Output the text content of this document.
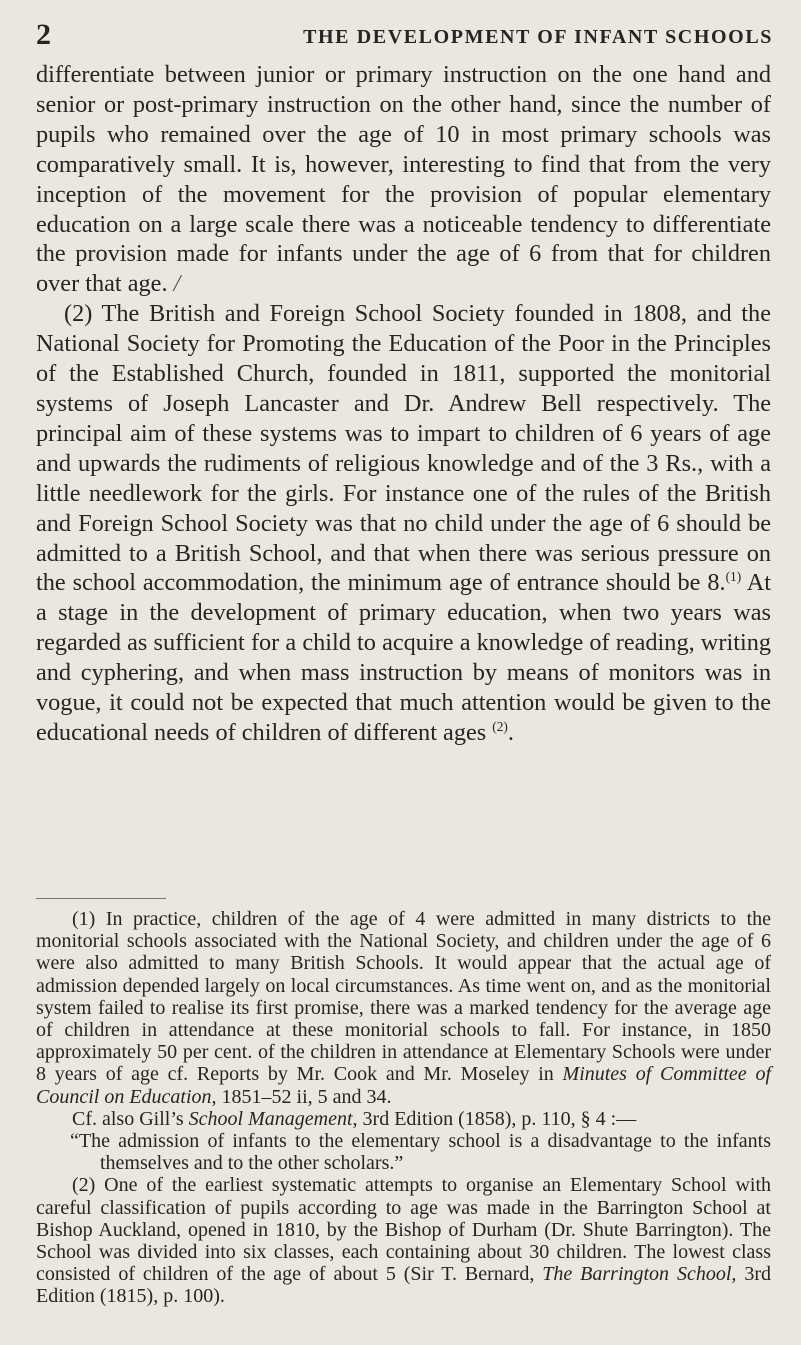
2	THE DEVELOPMENT OF INFANT SCHOOLS

differentiate between junior or primary instruction on the one hand and senior or post-primary instruction on the other hand, since the number of pupils who remained over the age of 10 in most primary schools was comparatively small. It is, however, interesting to find that from the very inception of the movement for the provision of popular elementary education on a large scale there was a noticeable tendency to differentiate the provision made for infants under the age of 6 from that for children over that age. /

(2) The British and Foreign School Society founded in 1808, and the National Society for Promoting the Education of the Poor in the Principles of the Established Church, founded in 1811, supported the monitorial systems of Joseph Lancaster and Dr. Andrew Bell respectively. The principal aim of these systems was to impart to children of 6 years of age and upwards the rudiments of religious knowledge and of the 3 Rs., with a little needlework for the girls. For instance one of the rules of the British and Foreign School Society was that no child under the age of 6 should be admitted to a British School, and that when there was serious pressure on the school accommodation, the minimum age of entrance should be 8.$^{(1)}$ At a stage in the development of primary education, when two years was regarded as sufficient for a child to acquire a knowledge of reading, writing and cyphering, and when mass instruction by means of monitors was in vogue, it could not be expected that much attention would be given to the educational needs of children of different ages $^{(2)}$.

(1) In practice, children of the age of 4 were admitted in many districts to the monitorial schools associated with the National Society, and children under the age of 6 were also admitted to many British Schools. It would appear that the actual age of admission depended largely on local circumstances. As time went on, and as the monitorial system failed to realise its first promise, there was a marked tendency for the average age of children in attendance at these monitorial schools to fall. For instance, in 1850 approximately 50 per cent. of the children in attendance at Elementary Schools were under 8 years of age cf. Reports by Mr. Cook and Mr. Moseley in Minutes of Committee of Council on Education, 1851–52 ii, 5 and 34.

Cf. also Gill’s School Management, 3rd Edition (1858), p. 110, § 4 :—

“The admission of infants to the elementary school is a disadvantage to the infants themselves and to the other scholars.”

(2) One of the earliest systematic attempts to organise an Elementary School with careful classification of pupils according to age was made in the Barrington School at Bishop Auckland, opened in 1810, by the Bishop of Durham (Dr. Shute Barrington). The School was divided into six classes, each containing about 30 children. The lowest class consisted of children of the age of about 5 (Sir T. Bernard, The Barrington School, 3rd Edition (1815), p. 100).
